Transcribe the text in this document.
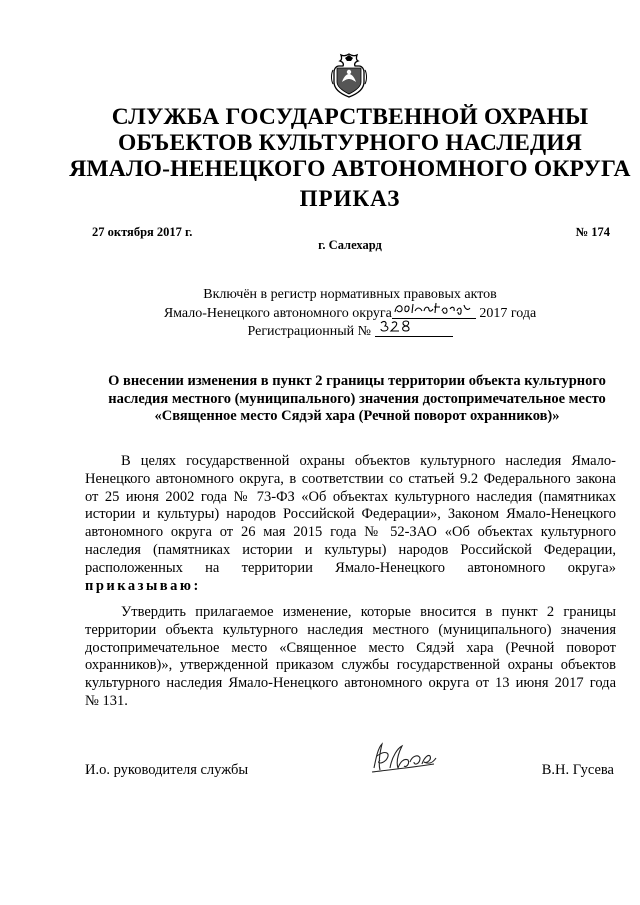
СЛУЖБА ГОСУДАРСТВЕННОЙ ОХРАНЫ
ОБЪЕКТОВ КУЛЬТУРНОГО НАСЛЕДИЯ
ЯМАЛО-НЕНЕЦКОГО АВТОНОМНОГО ОКРУГА
ПРИКАЗ
27 октября 2017 г.	№ 174
г. Салехард
Включён в регистр нормативных правовых актов
Ямало-Ненецкого автономного округа	2017 года
Регистрационный №
О внесении изменения в пункт 2 границы территории объекта культурного
наследия местного (муниципального) значения достопримечательное место
«Священное место Сядэй хара (Речной поворот охранников)»
В целях государственной охраны объектов культурного наследия Ямало-
Ненецкого автономного округа, в соответствии со статьей 9.2 Федерального закона
от 25 июня 2002 года № 73-ФЗ «Об объектах культурного наследия (памятниках
истории и культуры) народов Российской Федерации», Законом Ямало-Ненецкого
автономного округа от 26 мая 2015 года № 52-ЗАО «Об объектах культурного
наследия (памятниках истории и культуры) народов Российской Федерации,
расположенных на территории Ямало-Ненецкого автономного округа»
приказываю:
Утвердить прилагаемое изменение, которые вносится в пункт 2 границы
территории объекта культурного наследия местного (муниципального) значения
достопримечательное место «Священное место Сядэй хара (Речной поворот
охранников)», утвержденной приказом службы государственной охраны объектов
культурного наследия Ямало-Ненецкого автономного округа от 13 июня 2017 года
№ 131.
И.о. руководителя службы	В.Н. Гусева
